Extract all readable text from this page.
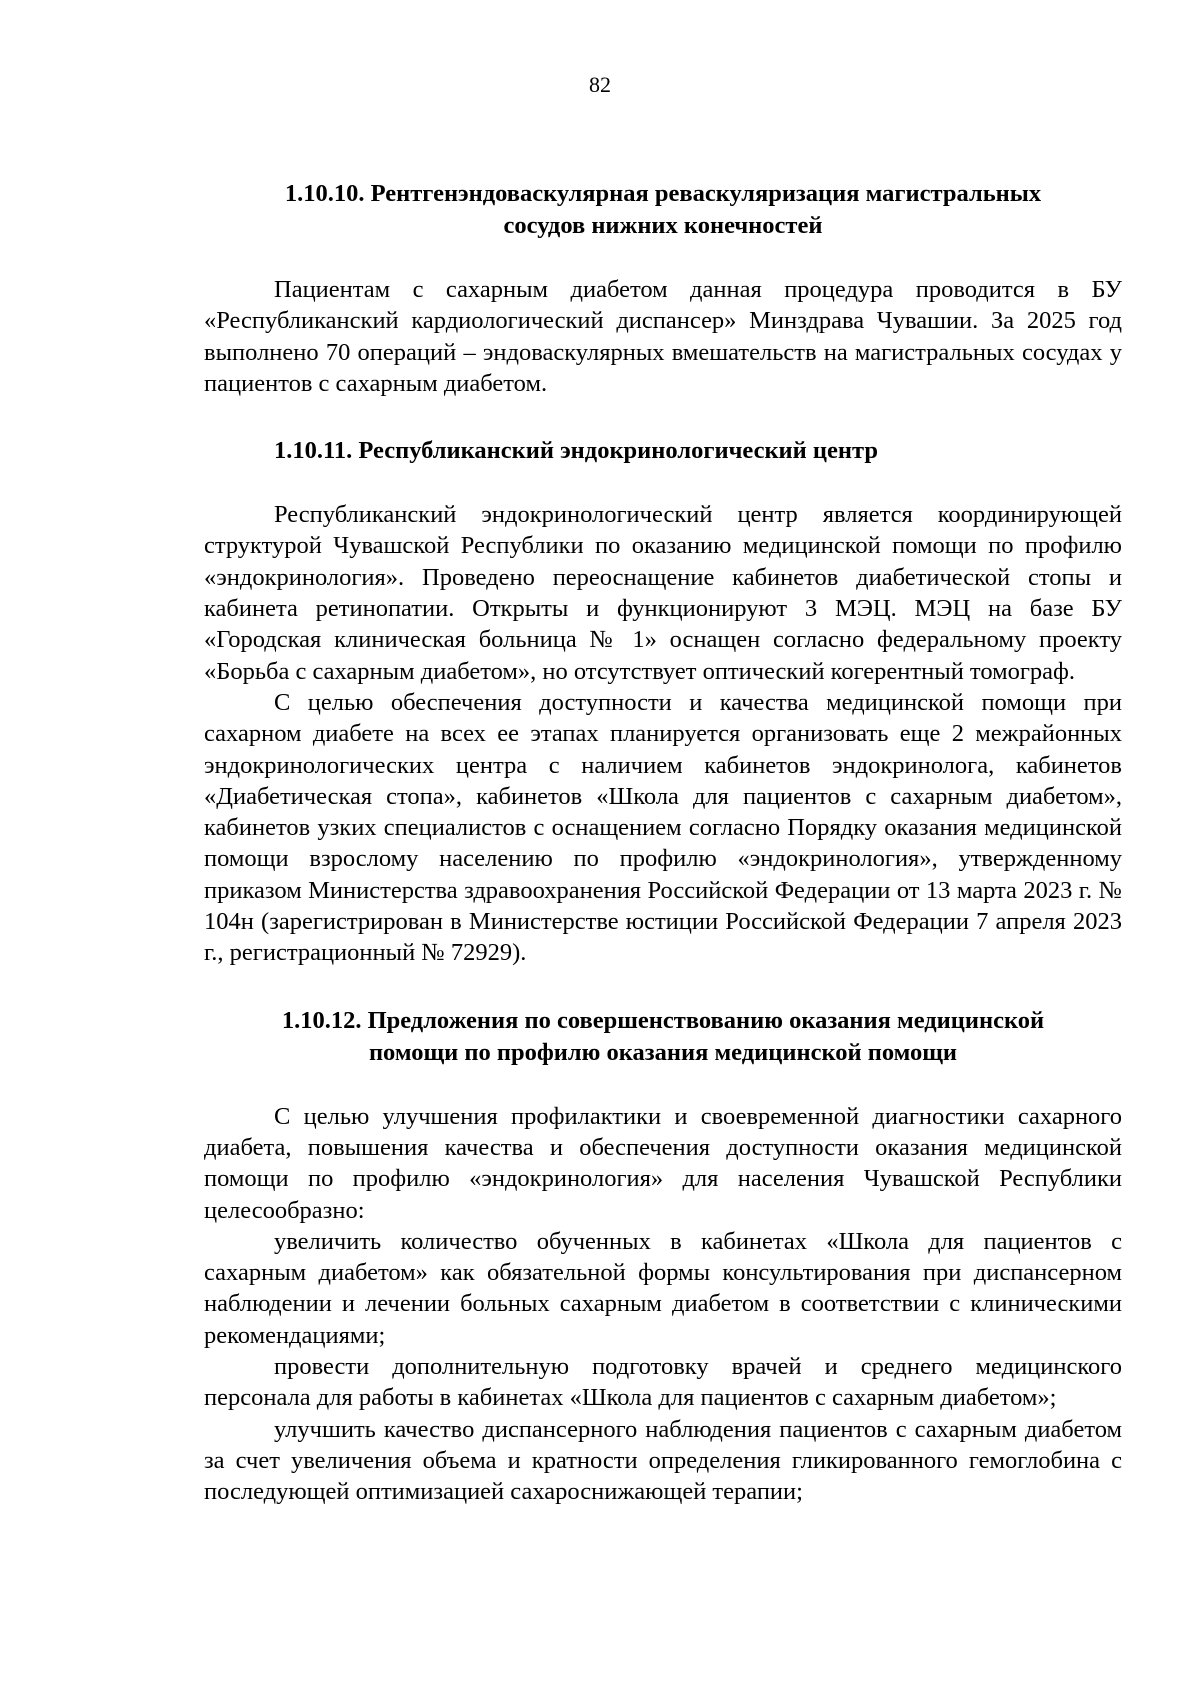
82
1.10.10. Рентгенэндоваскулярная реваскуляризация магистральных
сосудов нижних конечностей

Пациентам с сахарным диабетом данная процедура проводится в БУ «Республиканский кардиологический диспансер» Минздрава Чувашии. За 2025 год выполнено 70 операций – эндоваскулярных вмешательств на магистральных сосудах у пациентов с сахарным диабетом.

1.10.11. Республиканский эндокринологический центр

Республиканский эндокринологический центр является координирующей структурой Чувашской Республики по оказанию медицинской помощи по профилю «эндокринология». Проведено переоснащение кабинетов диабетической стопы и кабинета ретинопатии. Открыты и функционируют 3 МЭЦ. МЭЦ на базе БУ «Городская клиническая больница № 1» оснащен согласно федеральному проекту «Борьба с сахарным диабетом», но отсутствует оптический когерентный томограф.

С целью обеспечения доступности и качества медицинской помощи при сахарном диабете на всех ее этапах планируется организовать еще 2 межрайонных эндокринологических центра с наличием кабинетов эндокринолога, кабинетов «Диабетическая стопа», кабинетов «Школа для пациентов с сахарным диабетом», кабинетов узких специалистов с оснащением согласно Порядку оказания медицинской помощи взрослому населению по профилю «эндокринология», утвержденному приказом Министерства здравоохранения Российской Федерации от 13 марта 2023 г. № 104н (зарегистрирован в Министерстве юстиции Российской Федерации 7 апреля 2023 г., регистрационный № 72929).

1.10.12. Предложения по совершенствованию оказания медицинской
помощи по профилю оказания медицинской помощи

С целью улучшения профилактики и своевременной диагностики сахарного диабета, повышения качества и обеспечения доступности оказания медицинской помощи по профилю «эндокринология» для населения Чувашской Республики целесообразно:

увеличить количество обученных в кабинетах «Школа для пациентов с сахарным диабетом» как обязательной формы консультирования при диспансерном наблюдении и лечении больных сахарным диабетом в соответствии с клиническими рекомендациями;

провести дополнительную подготовку врачей и среднего медицинского персонала для работы в кабинетах «Школа для пациентов с сахарным диабетом»;

улучшить качество диспансерного наблюдения пациентов с сахарным диабетом за счет увеличения объема и кратности определения гликированного гемоглобина с последующей оптимизацией сахароснижающей терапии;
